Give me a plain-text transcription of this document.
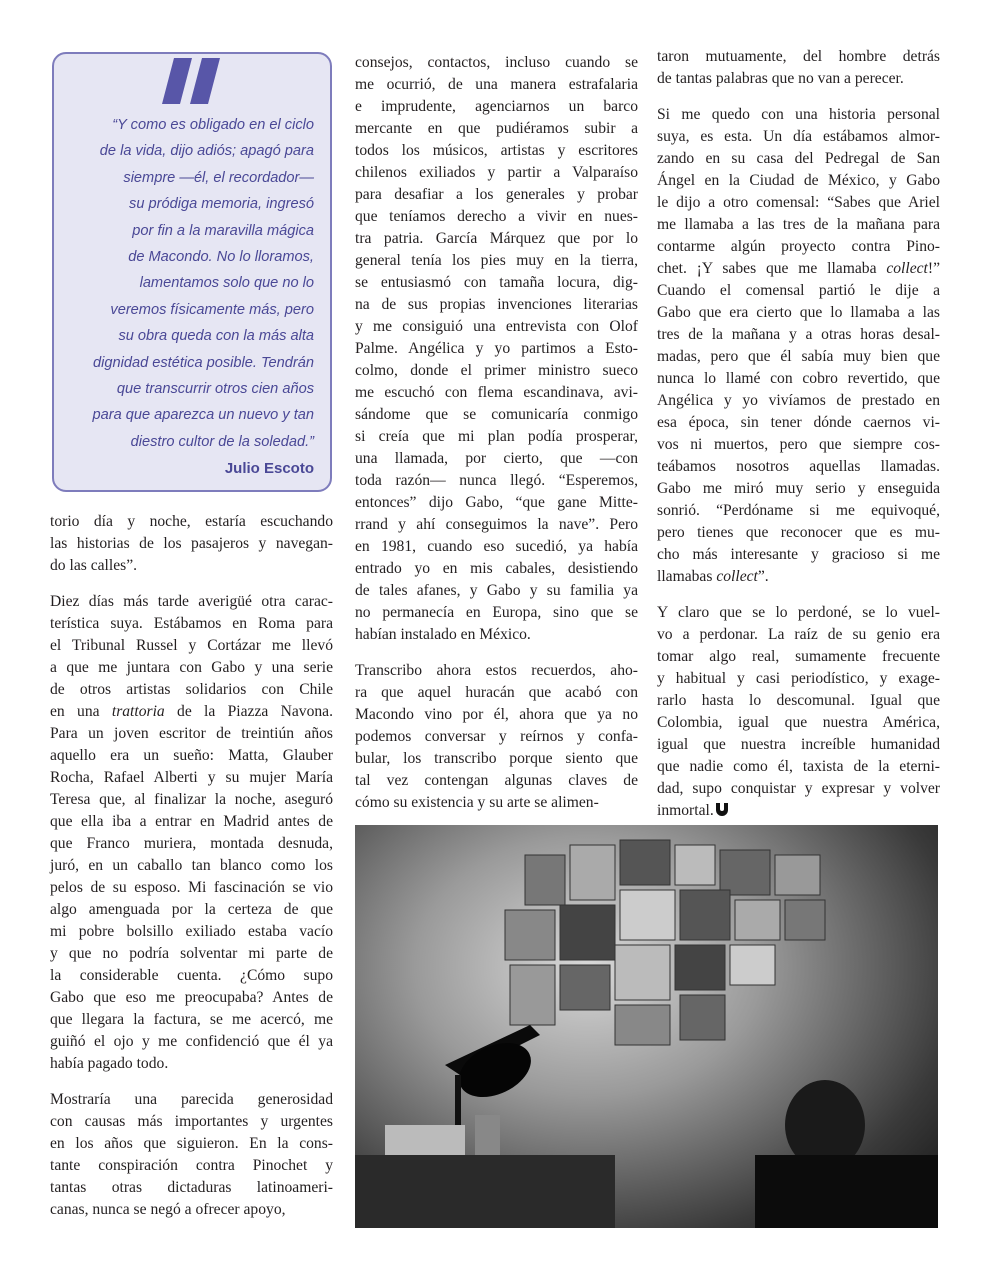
“Y como es obligado en el ciclo
de la vida, dijo adiós; apagó para
siempre —él, el recordador—
su pródiga memoria, ingresó
por fin a la maravilla mágica
de Macondo. No lo lloramos,
lamentamos solo que no lo
veremos físicamente más, pero
su obra queda con la más alta
dignidad estética posible. Tendrán
que transcurrir otros cien años
para que aparezca un nuevo y tan
diestro cultor de la soledad.”
Julio Escoto
torio día y noche, estaría escuchando
las historias de los pasajeros y navegan-
do las calles”.
Diez días más tarde averigüé otra carac-
terística suya. Estábamos en Roma para
el Tribunal Russel y Cortázar me llevó
a que me juntara con Gabo y una serie
de otros artistas solidarios con Chile
en una trattoria de la Piazza Navona.
Para un joven escritor de treintiún años
aquello era un sueño: Matta, Glauber
Rocha, Rafael Alberti y su mujer María
Teresa que, al finalizar la noche, aseguró
que ella iba a entrar en Madrid antes de
que Franco muriera, montada desnuda,
juró, en un caballo tan blanco como los
pelos de su esposo. Mi fascinación se vio
algo amenguada por la certeza de que
mi pobre bolsillo exiliado estaba vacío
y que no podría solventar mi parte de
la considerable cuenta. ¿Cómo supo
Gabo que eso me preocupaba? Antes de
que llegara la factura, se me acercó, me
guiñó el ojo y me confidenció que él ya
había pagado todo.
Mostraría una parecida generosidad
con causas más importantes y urgentes
en los años que siguieron. En la cons-
tante conspiración contra Pinochet y
tantas otras dictaduras latinoameri-
canas, nunca se negó a ofrecer apoyo,
consejos, contactos, incluso cuando se
me ocurrió, de una manera estrafalaria
e imprudente, agenciarnos un barco
mercante en que pudiéramos subir a
todos los músicos, artistas y escritores
chilenos exiliados y partir a Valparaíso
para desafiar a los generales y probar
que teníamos derecho a vivir en nues-
tra patria. García Márquez que por lo
general tenía los pies muy en la tierra,
se entusiasmó con tamaña locura, dig-
na de sus propias invenciones literarias
y me consiguió una entrevista con Olof
Palme. Angélica y yo partimos a Esto-
colmo, donde el primer ministro sueco
me escuchó con flema escandinava, avi-
sándome que se comunicaría conmigo
si creía que mi plan podía prosperar,
una llamada, por cierto, que —con
toda razón— nunca llegó. “Esperemos,
entonces” dijo Gabo, “que gane Mitte-
rrand y ahí conseguimos la nave”. Pero
en 1981, cuando eso sucedió, ya había
entrado yo en mis cabales, desistiendo
de tales afanes, y Gabo y su familia ya
no permanecía en Europa, sino que se
habían instalado en México.
Transcribo ahora estos recuerdos, aho-
ra que aquel huracán que acabó con
Macondo vino por él, ahora que ya no
podemos conversar y reírnos y confa-
bular, los transcribo porque siento que
tal vez contengan algunas claves de
cómo su existencia y su arte se alimen-
taron mutuamente, del hombre detrás
de tantas palabras que no van a perecer.
Si me quedo con una historia personal
suya, es esta. Un día estábamos almor-
zando en su casa del Pedregal de San
Ángel en la Ciudad de México, y Gabo
le dijo a otro comensal: “Sabes que Ariel
me llamaba a las tres de la mañana para
contarme algún proyecto contra Pino-
chet. ¡Y sabes que me llamaba collect!”
Cuando el comensal partió le dije a
Gabo que era cierto que lo llamaba a las
tres de la mañana y a otras horas desal-
madas, pero que él sabía muy bien que
nunca lo llamé con cobro revertido, que
Angélica y yo vivíamos de prestado en
esa época, sin tener dónde caernos vi-
vos ni muertos, pero que siempre cos-
teábamos nosotros aquellas llamadas.
Gabo me miró muy serio y enseguida
sonrió. “Perdóname si me equivoqué,
pero tienes que reconocer que es mu-
cho más interesante y gracioso si me
llamabas collect”.
Y claro que se lo perdoné, se lo vuel-
vo a perdonar. La raíz de su genio era
tomar algo real, sumamente frecuente
y habitual y casi periodístico, y exage-
rarlo hasta lo descomunal. Igual que
Colombia, igual que nuestra América,
igual que nuestra increíble humanidad
que nadie como él, taxista de la eterni-
dad, supo conquistar y expresar y volver
inmortal.
